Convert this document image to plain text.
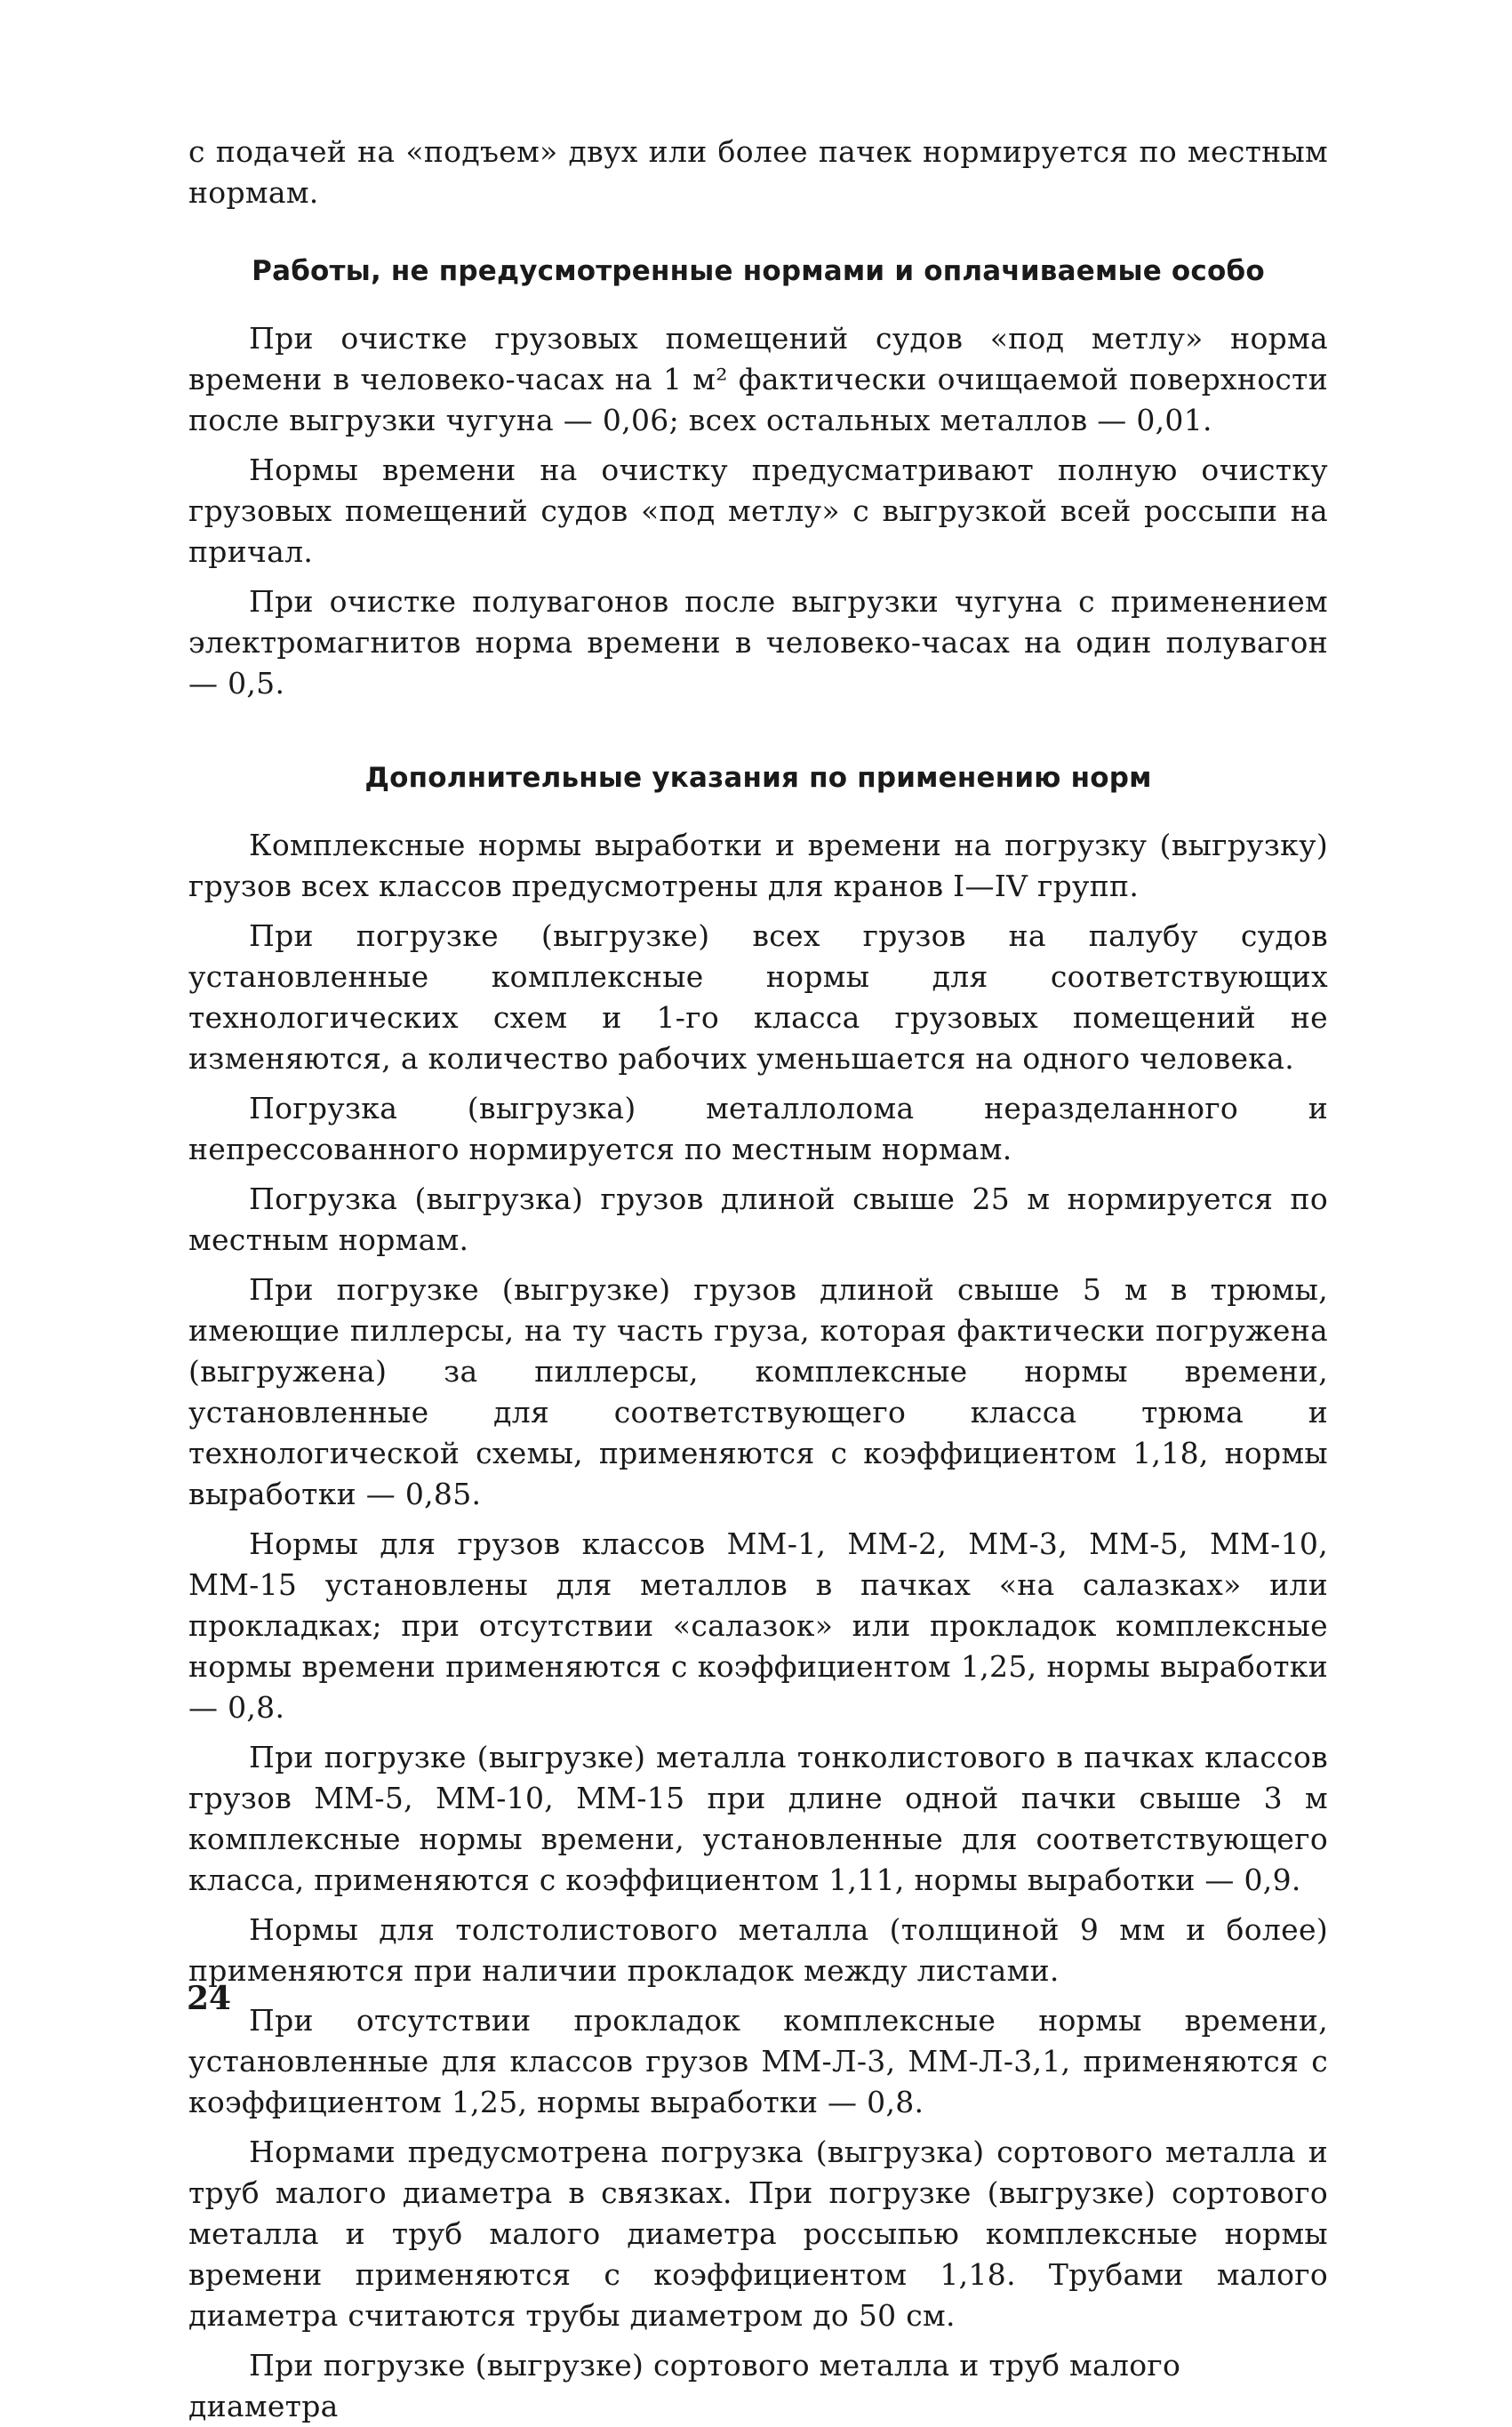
с подачей на «подъем» двух или более пачек нормируется по местным нормам.

Работы, не предусмотренные нормами и оплачиваемые особо

При очистке грузовых помещений судов «под метлу» норма времени в человеко-часах на 1 м² фактически очищаемой поверхности после выгрузки чугуна — 0,06; всех остальных металлов — 0,01.

Нормы времени на очистку предусматривают полную очистку грузовых помещений судов «под метлу» с выгрузкой всей россыпи на причал.

При очистке полувагонов после выгрузки чугуна с применением электромагнитов норма времени в человеко-часах на один полувагон — 0,5.

Дополнительные указания по применению норм

Комплексные нормы выработки и времени на погрузку (выгрузку) грузов всех классов предусмотрены для кранов I—IV групп.

При погрузке (выгрузке) всех грузов на палубу судов установленные комплексные нормы для соответствующих технологических схем и 1-го класса грузовых помещений не изменяются, а количество рабочих уменьшается на одного человека.

Погрузка (выгрузка) металлолома неразделанного и непрессованного нормируется по местным нормам.

Погрузка (выгрузка) грузов длиной свыше 25 м нормируется по местным нормам.

При погрузке (выгрузке) грузов длиной свыше 5 м в трюмы, имеющие пиллерсы, на ту часть груза, которая фактически погружена (выгружена) за пиллерсы, комплексные нормы времени, установленные для соответствующего класса трюма и технологической схемы, применяются с коэффициентом 1,18, нормы выработки — 0,85.

Нормы для грузов классов ММ-1, ММ-2, ММ-3, ММ-5, ММ-10, ММ-15 установлены для металлов в пачках «на салазках» или прокладках; при отсутствии «салазок» или прокладок комплексные нормы времени применяются с коэффициентом 1,25, нормы выработки — 0,8.

При погрузке (выгрузке) металла тонколистового в пачках классов грузов ММ-5, ММ-10, ММ-15 при длине одной пачки свыше 3 м комплексные нормы времени, установленные для соответствующего класса, применяются с коэффициентом 1,11, нормы выработки — 0,9.

Нормы для толстолистового металла (толщиной 9 мм и более) применяются при наличии прокладок между листами.

При отсутствии прокладок комплексные нормы времени, установленные для классов грузов ММ-Л-3, ММ-Л-3,1, применяются с коэффициентом 1,25, нормы выработки — 0,8.

Нормами предусмотрена погрузка (выгрузка) сортового металла и труб малого диаметра в связках. При погрузке (выгрузке) сортового металла и труб малого диаметра россыпью комплексные нормы времени применяются с коэффициентом 1,18. Трубами малого диаметра считаются трубы диаметром до 50 см.

При погрузке (выгрузке) сортового металла и труб малого диаметра

24
